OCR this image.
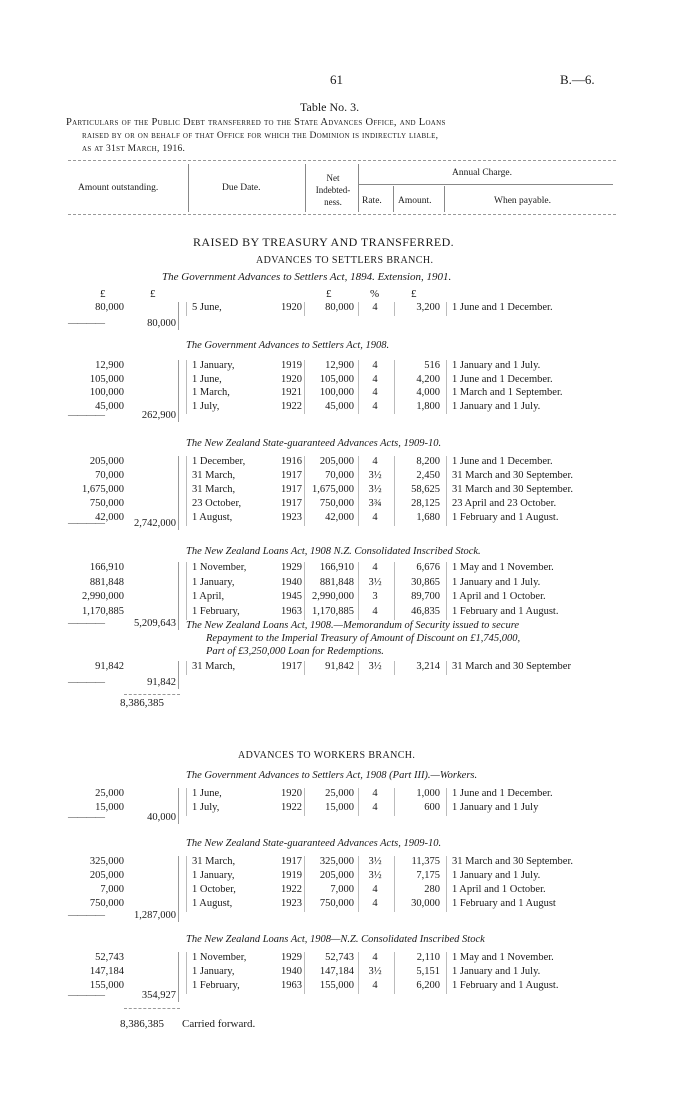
61	B.—6.
Table No. 3.
Particulars of the Public Debt transferred to the State Advances Office, and Loans
raised by or on behalf of that Office for which the Dominion is indirectly liable,
as at 31st March, 1916.
Amount outstanding.	Due Date.
Net Indebted- ness.
Annual Charge.
Rate. Amount.	When payable.
RAISED BY TREASURY AND TRANSFERRED.
ADVANCES TO SETTLERS BRANCH.
The Government Advances to Settlers Act, 1894. Extension, 1901.
£	£	£	%	£
80,000	5 June,	1920	80,000	4	3,200 1 June and 1 December.
————	80,000
The Government Advances to Settlers Act, 1908.
12,900	1 January,	1919	12,900	4	516 1 January and 1 July.
105,000	1 June,	1920	105,000	4	4,200 1 June and 1 December.
100,000	1 March,	1921	100,000	4	4,000 1 March and 1 September.
45,000	1 July,	1922	45,000	4	1,800 1 January and 1 July.
————	262,900
The New Zealand State-guaranteed Advances Acts, 1909-10.
205,000	1 December,	1916	205,000	4	8,200 1 June and 1 December.
70,000	31 March,	1917	70,000	3½	2,450 31 March and 30 September.
1,675,000	31 March,	1917 1,675,000	3½	58,625 31 March and 30 September.
750,000	23 October,	1917	750,000	3¾	28,125 23 April and 23 October.
42,000	1 August,	1923	42,000	4	1,680 1 February and 1 August.
————	2,742,000
The New Zealand Loans Act, 1908 N.Z. Consolidated Inscribed Stock.
166,910	1 November,	1929	166,910	4	6,676 1 May and 1 November.
881,848	1 January,	1940	881,848	3½	30,865 1 January and 1 July.
2,990,000	1 April,	1945 2,990,000	3	89,700 1 April and 1 October.
1,170,885	1 February,	1963 1,170,885	4	46,835 1 February and 1 August.
————	5,209,643
91,842	31 March,	1917	91,842	3½	3,214 31 March and 30 September
————	91,842
The Government Advances to Settlers Act, 1908 (Part III).—Workers.
25,000	1 June,	1920	25,000	4	1,000 1 June and 1 December.
15,000	1 July,	1922	15,000	4	600 1 January and 1 July
————	40,000
The New Zealand State-guaranteed Advances Acts, 1909-10.
325,000	31 March,	1917	325,000	3½	11,375 31 March and 30 September.
205,000	1 January,	1919	205,000	3½	7,175 1 January and 1 July.
7,000	1 October,	1922	7,000	4	280 1 April and 1 October.
750,000	1 August,	1923	750,000	4	30,000 1 February and 1 August
————	1,287,000
The New Zealand Loans Act, 1908—N.Z. Consolidated Inscribed Stock
52,743	1 November,	1929	52,743	4	2,110 1 May and 1 November.
147,184	1 January,	1940	147,184	3½	5,151 1 January and 1 July.
155,000	1 February,	1963	155,000	4	6,200 1 February and 1 August.
————	354,927
The New Zealand Loans Act, 1908.—Memorandum of Security issued to secure
Repayment to the Imperial Treasury of Amount of Discount on £1,745,000,
Part of £3,250,000 Loan for Redemptions.
8,386,385
ADVANCES TO WORKERS BRANCH.
8,386,385 Carried forward.
